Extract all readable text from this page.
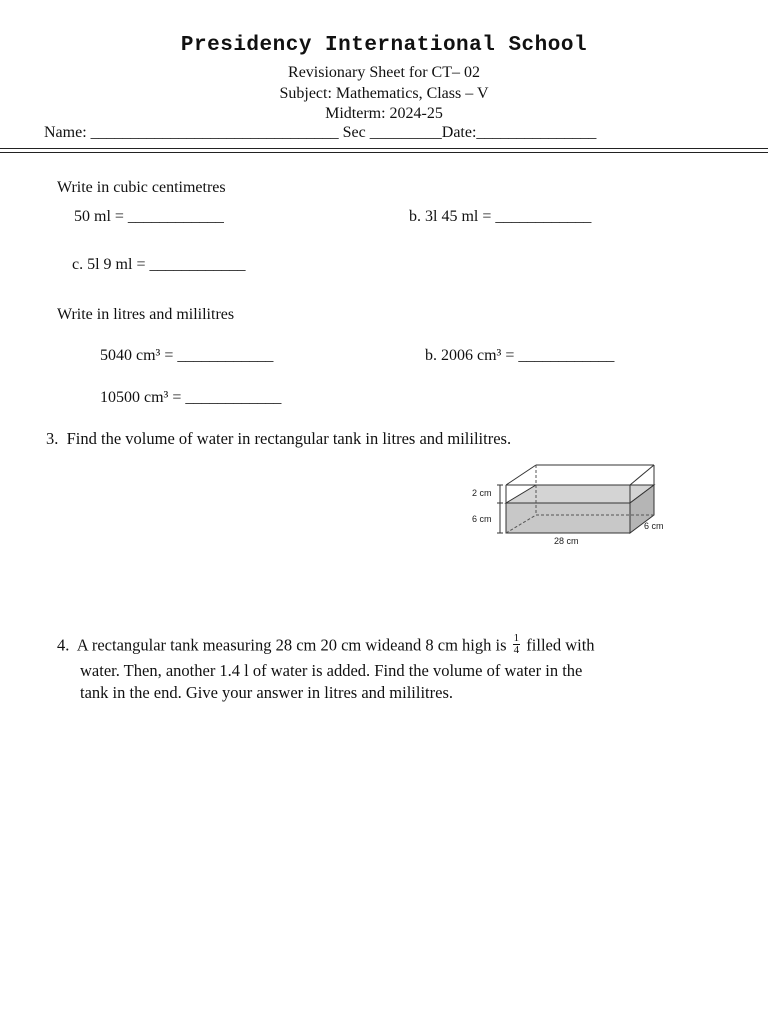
Presidency International School
Revisionary Sheet for CT– 02
Subject: Mathematics, Class – V
Midterm: 2024-25
Name: _______________________________ Sec _________Date:_______________
Write in cubic centimetres
50 ml = ____________	b. 3l 45 ml = ____________
c. 5l 9 ml = ____________
Write in litres and mililitres
5040 cm³ = ____________	b. 2006 cm³ = ____________
10500 cm³ = ____________
3. Find the volume of water in rectangular tank in litres and mililitres.
2 cm
6 cm
6 cm
28 cm
4. A rectangular tank measuring 28 cm 20 cm wideand 8 cm high is $\frac{1}{4}$ filled with
water. Then, another 1.4 l of water is added. Find the volume of water in the
tank in the end. Give your answer in litres and mililitres.
